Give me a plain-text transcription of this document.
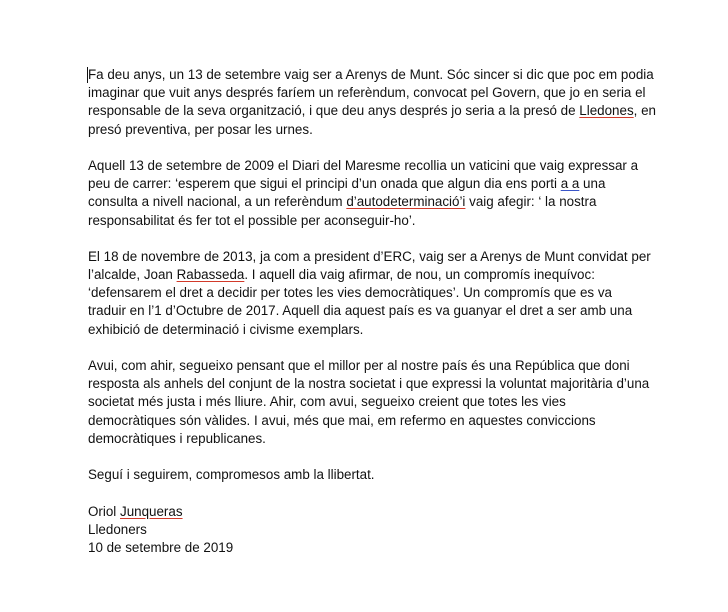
Fa deu anys, un 13 de setembre vaig ser a Arenys de Munt. Sóc sincer si dic que poc em podia
imaginar que vuit anys després faríem un referèndum, convocat pel Govern, que jo en seria el
responsable de la seva organització, i que deu anys després jo seria a la presó de Lledones, en
presó preventiva, per posar les urnes.
Aquell 13 de setembre de 2009 el Diari del Maresme recollia un vaticini que vaig expressar a
peu de carrer: ‘esperem que sigui el principi d’un onada que algun dia ens porti a a una
consulta a nivell nacional, a un referèndum d’autodeterminació’i vaig afegir: ‘ la nostra
responsabilitat és fer tot el possible per aconseguir-ho’.
El 18 de novembre de 2013, ja com a president d’ERC, vaig ser a Arenys de Munt convidat per
l’alcalde, Joan Rabasseda. I aquell dia vaig afirmar, de nou, un compromís inequívoc:
‘defensarem el dret a decidir per totes les vies democràtiques’. Un compromís que es va
traduir en l’1 d’Octubre de 2017. Aquell dia aquest país es va guanyar el dret a ser amb una
exhibició de determinació i civisme exemplars.
Avui, com ahir, segueixo pensant que el millor per al nostre país és una República que doni
resposta als anhels del conjunt de la nostra societat i que expressi la voluntat majoritària d’una
societat més justa i més lliure. Ahir, com avui, segueixo creient que totes les vies
democràtiques són vàlides. I avui, més que mai, em refermo en aquestes conviccions
democràtiques i republicanes.
Seguí i seguirem, compromesos amb la llibertat.
Oriol Junqueras
Lledoners
10 de setembre de 2019
